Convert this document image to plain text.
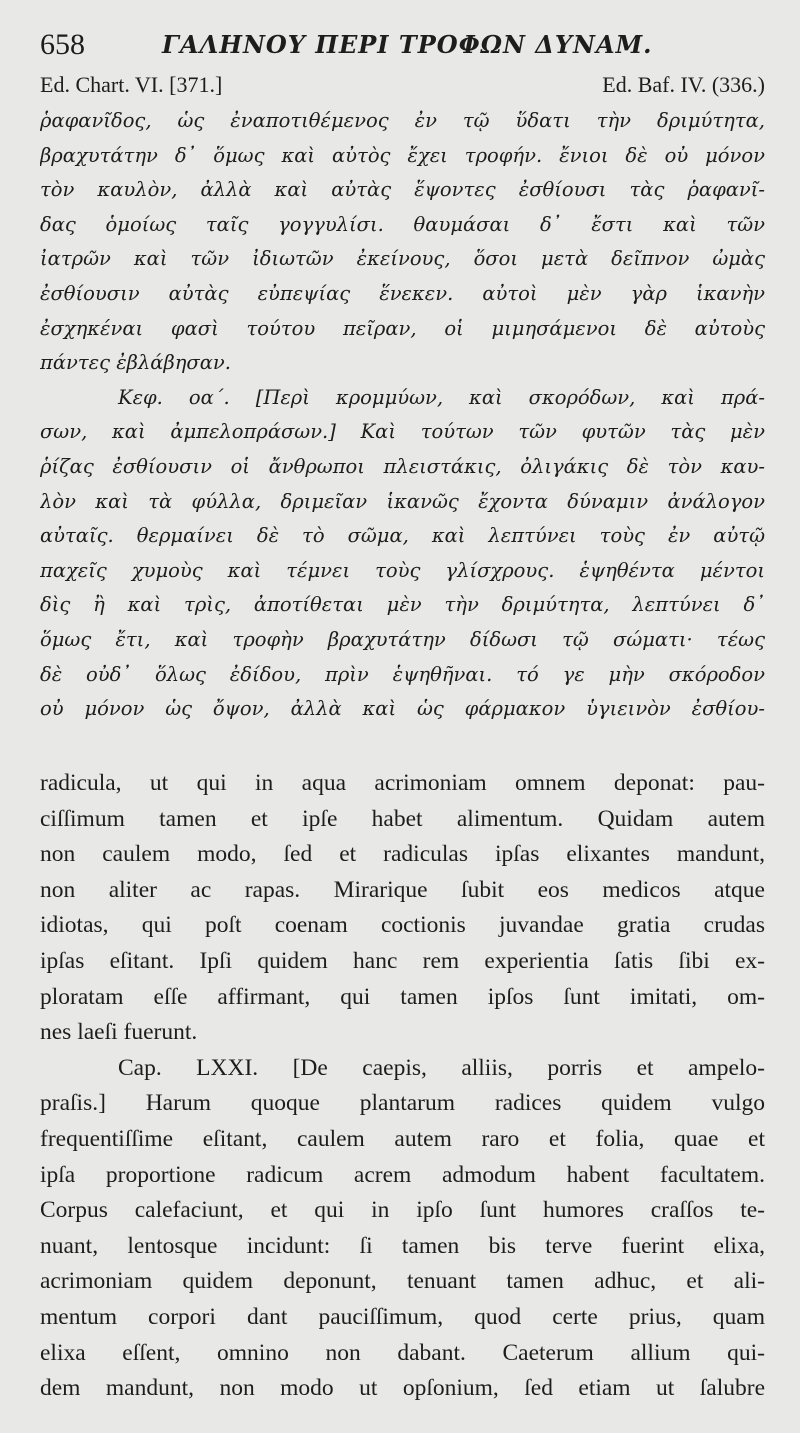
658	ΓΑΛΗΝΟΥ ΠΕΡΙ ΤΡΟΦΩΝ ΔΥΝΑΜ.
Ed. Chart. VI. [371.]	Ed. Baf. IV. (336.)
ῥαφανῖδος, ὡς ἐναποτιθέμενος ἐν τῷ ὕδατι τὴν δριμύτητα,
βραχυτάτην δ᾽ ὅμως καὶ αὐτὸς ἔχει τροφήν. ἔνιοι δὲ οὐ μόνον
τὸν καυλὸν, ἀλλὰ καὶ αὐτὰς ἕψοντες ἐσθίουσι τὰς ῥαφανῖ-
δας ὁμοίως ταῖς γογγυλίσι. θαυμάσαι δ᾽ ἔστι καὶ τῶν
ἰατρῶν καὶ τῶν ἰδιωτῶν ἐκείνους, ὅσοι μετὰ δεῖπνον ὠμὰς
ἐσθίουσιν αὐτὰς εὐπεψίας ἕνεκεν. αὐτοὶ μὲν γὰρ ἱκανὴν
ἐσχηκέναι φασὶ τούτου πεῖραν, οἱ μιμησάμενοι δὲ αὐτοὺς
πάντες ἐβλάβησαν.
Κεφ. οα΄. [Περὶ κρομμύων, καὶ σκορόδων, καὶ πρά-
σων, καὶ ἀμπελοπράσων.] Καὶ τούτων τῶν φυτῶν τὰς μὲν
ῥίζας ἐσθίουσιν οἱ ἄνθρωποι πλειστάκις, ὀλιγάκις δὲ τὸν καυ-
λὸν καὶ τὰ φύλλα, δριμεῖαν ἱκανῶς ἔχοντα δύναμιν ἀνάλογον
αὐταῖς. θερμαίνει δὲ τὸ σῶμα, καὶ λεπτύνει τοὺς ἐν αὐτῷ
παχεῖς χυμοὺς καὶ τέμνει τοὺς γλίσχρους. ἑψηθέντα μέντοι
δὶς ἢ καὶ τρὶς, ἀποτίθεται μὲν τὴν δριμύτητα, λεπτύνει δ᾽
ὅμως ἔτι, καὶ τροφὴν βραχυτάτην δίδωσι τῷ σώματι· τέως
δὲ οὐδ᾽ ὅλως ἐδίδου, πρὶν ἑψηθῆναι. τό γε μὴν σκόροδον
οὐ μόνον ὡς ὄψον, ἀλλὰ καὶ ὡς φάρμακον ὑγιεινὸν ἐσθίου-
radicula, ut qui in aqua acrimoniam omnem deponat: pau-
ciſſimum tamen et ipſe habet alimentum. Quidam autem
non caulem modo, ſed et radiculas ipſas elixantes mandunt,
non aliter ac rapas. Mirarique ſubit eos medicos atque
idiotas, qui poſt coenam coctionis juvandae gratia crudas
ipſas eſitant. Ipſi quidem hanc rem experientia ſatis ſibi ex-
ploratam eſſe affirmant, qui tamen ipſos ſunt imitati, om-
nes laeſi fuerunt.
Cap. LXXI. [De caepis, alliis, porris et ampelo-
praſis.] Harum quoque plantarum radices quidem vulgo
frequentiſſime eſitant, caulem autem raro et folia, quae et
ipſa proportione radicum acrem admodum habent facultatem.
Corpus calefaciunt, et qui in ipſo ſunt humores craſſos te-
nuant, lentosque incidunt: ſi tamen bis terve fuerint elixa,
acrimoniam quidem deponunt, tenuant tamen adhuc, et ali-
mentum corpori dant pauciſſimum, quod certe prius, quam
elixa eſſent, omnino non dabant. Caeterum allium qui-
dem mandunt, non modo ut opſonium, ſed etiam ut ſalubre
